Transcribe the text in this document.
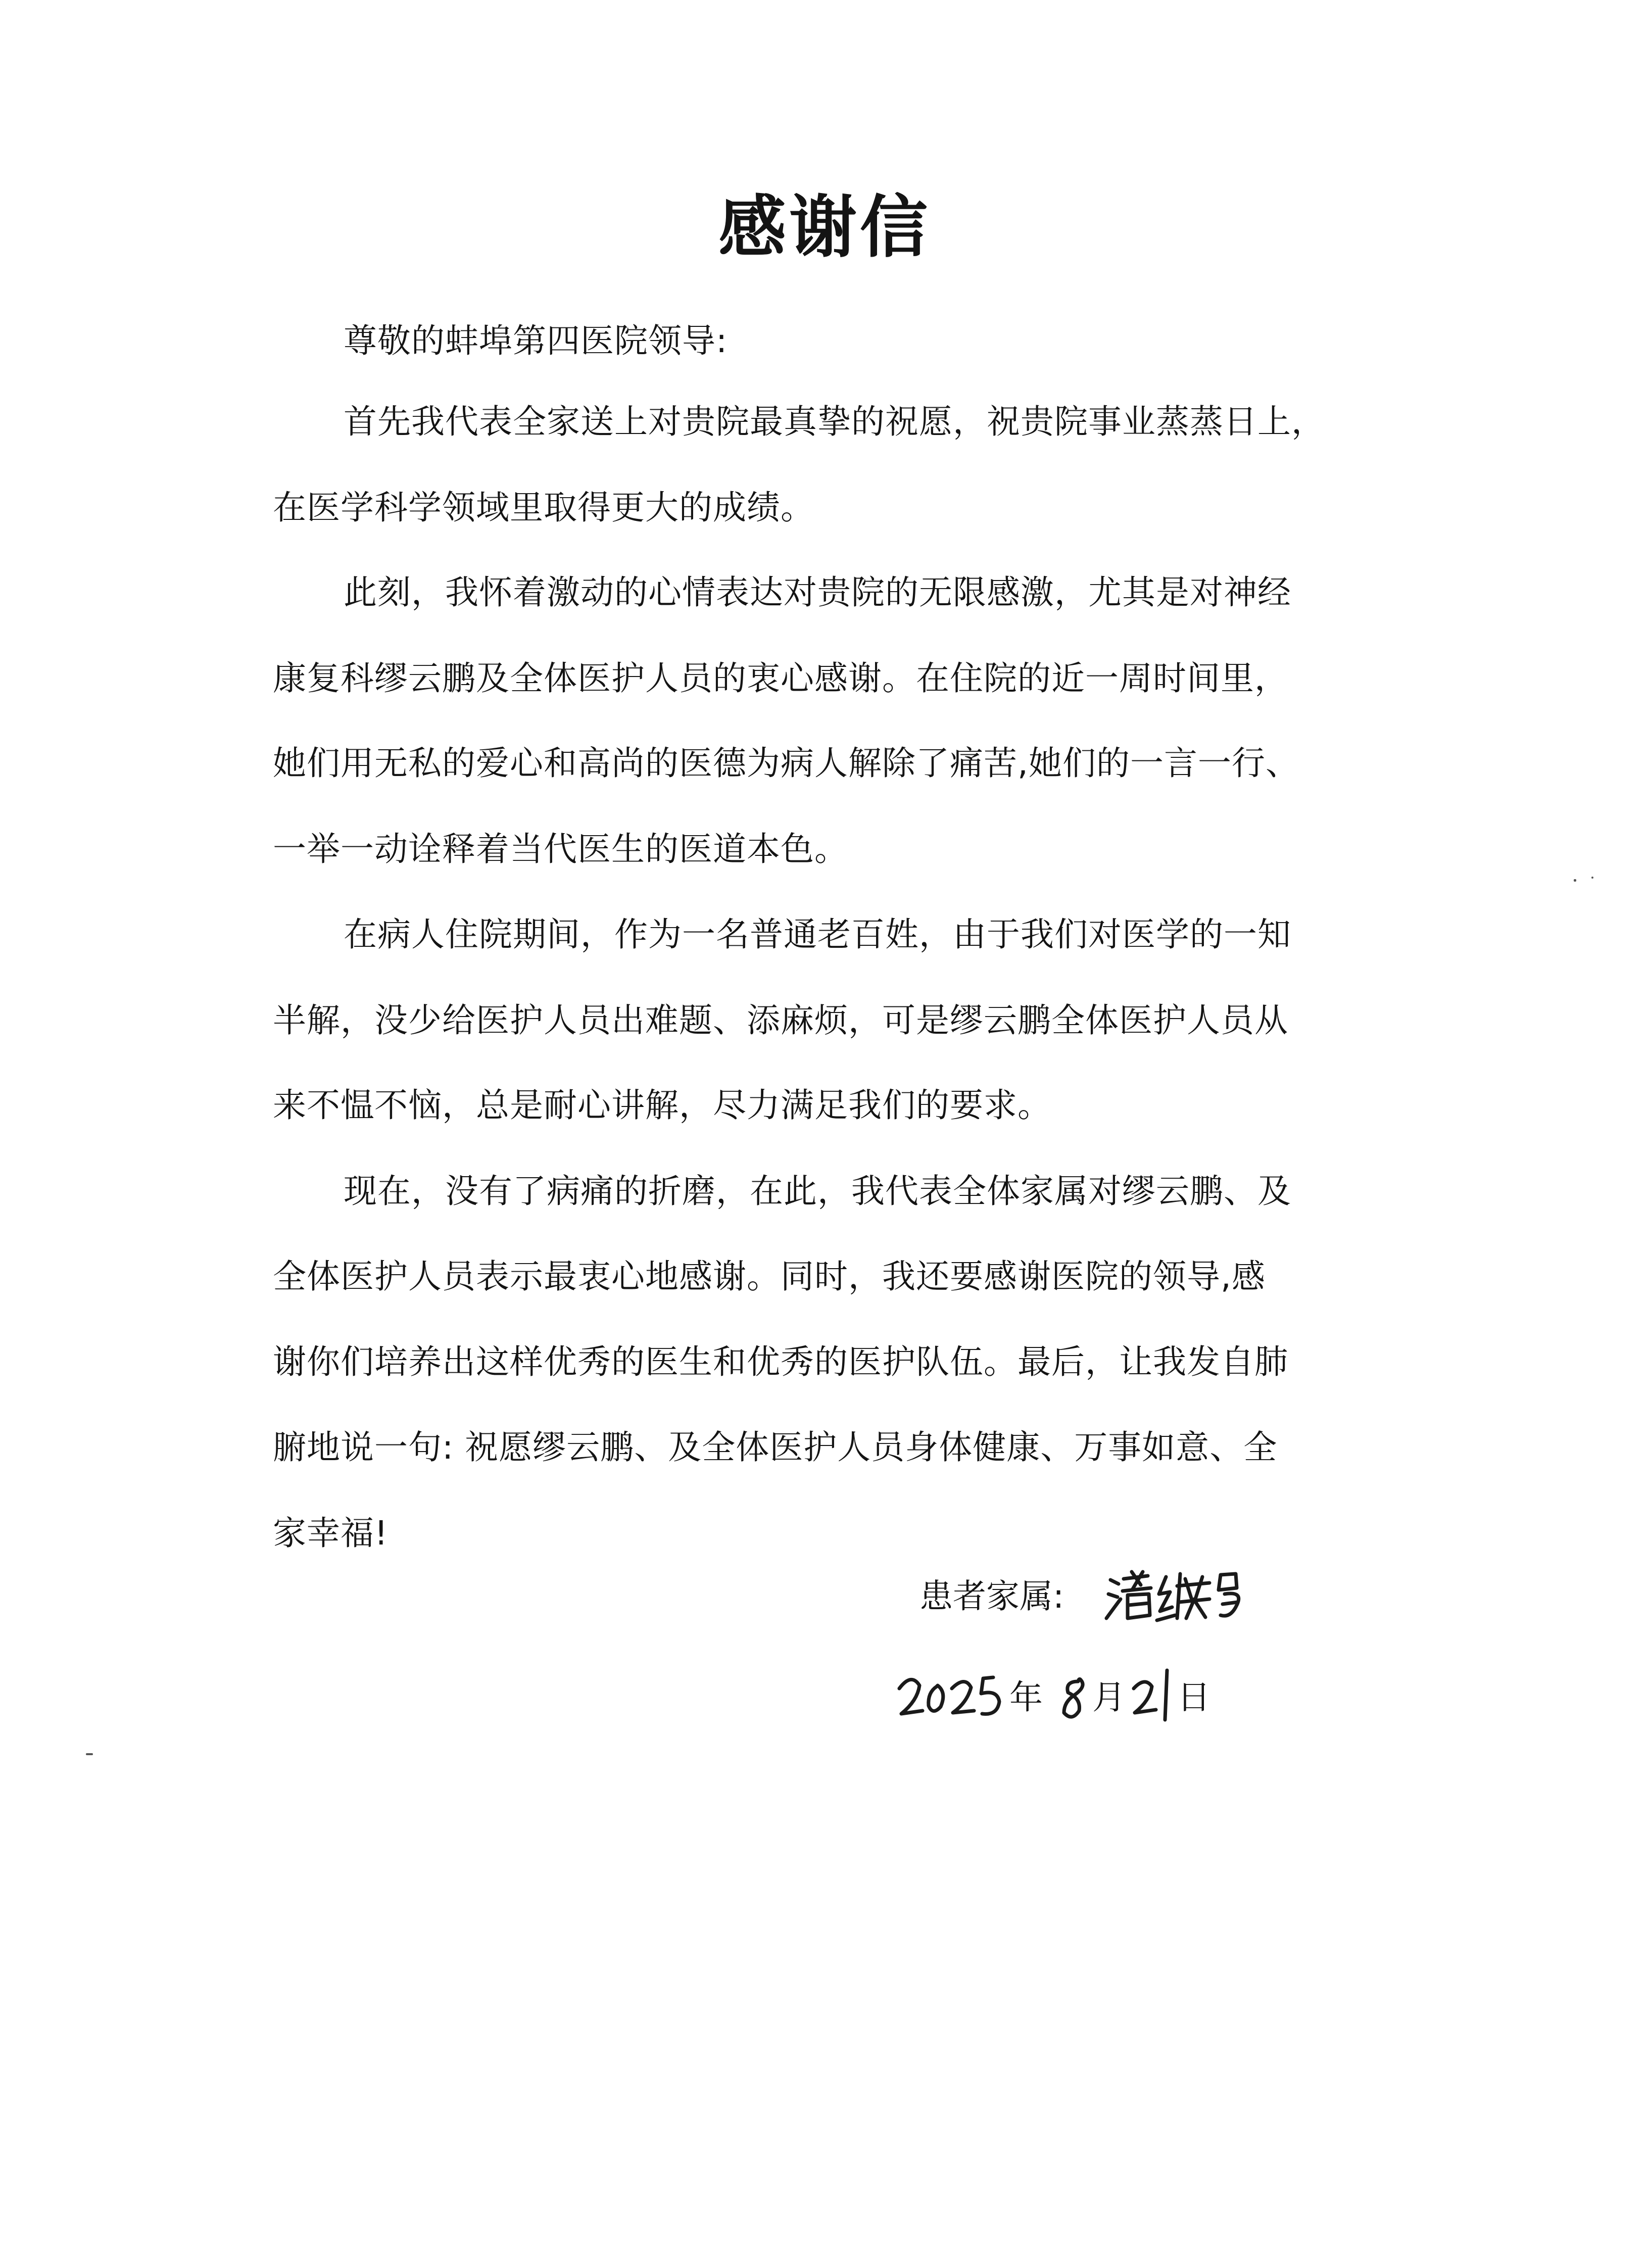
感谢信
尊敬的蚌埠第四医院领导:
首先我代表全家送上对贵院最真挚的祝愿，祝贵院事业蒸蒸日上，
在医学科学领域里取得更大的成绩。
此刻，我怀着激动的心情表达对贵院的无限感激，尤其是对神经
康复科缪云鹏及全体医护人员的衷心感谢。在住院的近一周时间里，
她们用无私的爱心和高尚的医德为病人解除了痛苦,她们的一言一行、
一举一动诠释着当代医生的医道本色。
在病人住院期间，作为一名普通老百姓，由于我们对医学的一知
半解，没少给医护人员出难题、添麻烦，可是缪云鹏全体医护人员从
来不愠不恼，总是耐心讲解，尽力满足我们的要求。
现在，没有了病痛的折磨，在此，我代表全体家属对缪云鹏、及
全体医护人员表示最衷心地感谢。同时，我还要感谢医院的领导,感
谢你们培养出这样优秀的医生和优秀的医护队伍。最后，让我发自肺
腑地说一句: 祝愿缪云鹏、及全体医护人员身体健康、万事如意、全
家幸福!
患者家属:
年 月 日
